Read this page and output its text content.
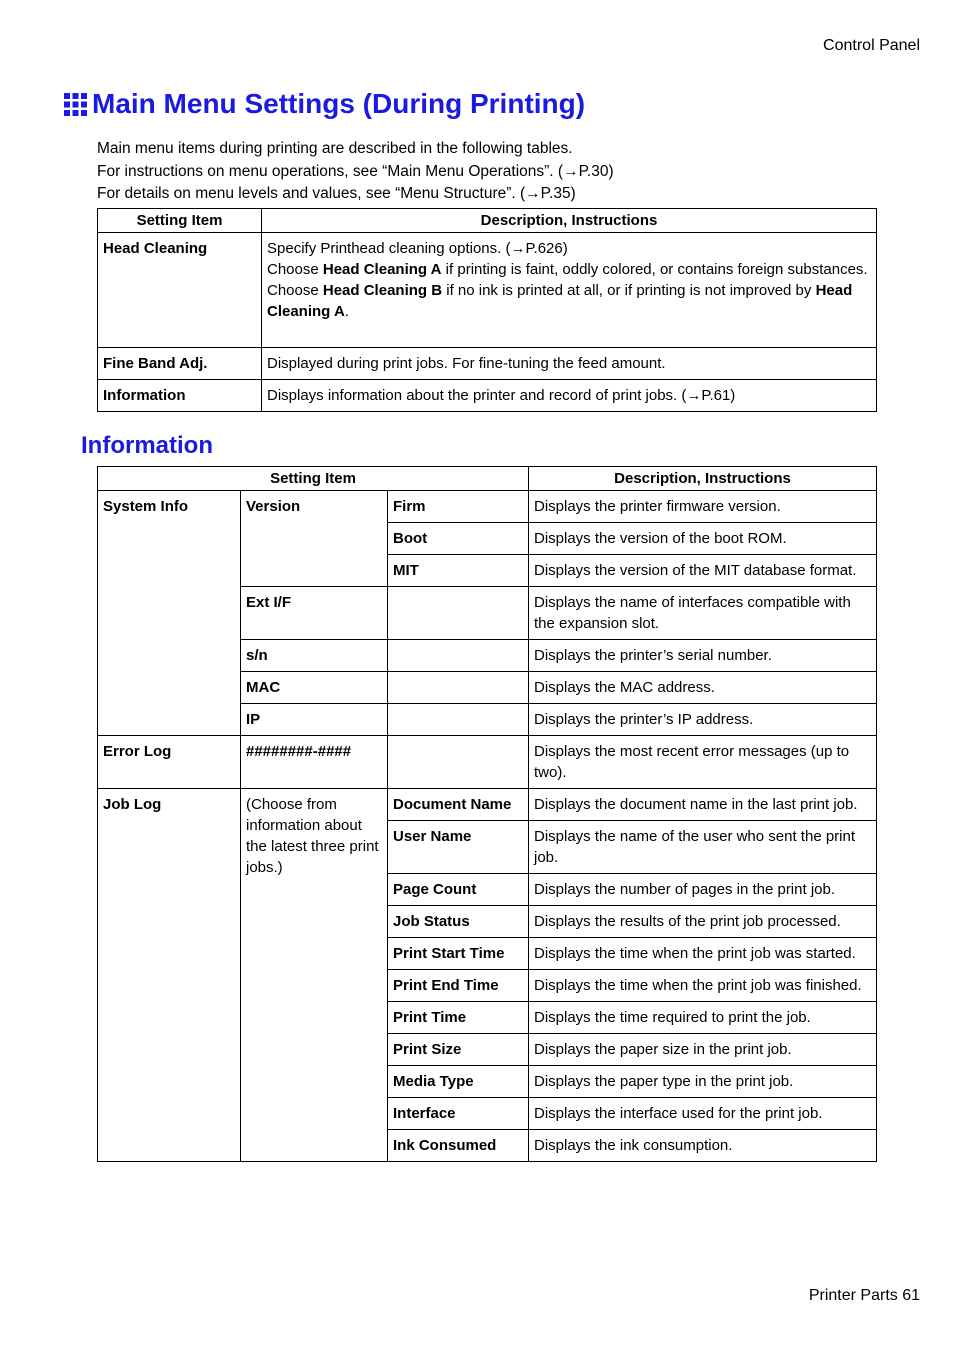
Control Panel
Main Menu Settings (During Printing)
Main menu items during printing are described in the following tables.
For instructions on menu operations, see “Main Menu Operations”. (→P.30)
For details on menu levels and values, see “Menu Structure”. (→P.35)
Setting Item	Description, Instructions
Head Cleaning	Specify Printhead cleaning options. (→P.626)
Choose Head Cleaning A if printing is faint, oddly colored, or contains foreign substances.
Choose Head Cleaning B if no ink is printed at all, or if printing is not improved by Head Cleaning A.
Fine Band Adj.	Displayed during print jobs. For fine-tuning the feed amount.
Information	Displays information about the printer and record of print jobs. (→P.61)
Information
Setting Item			Description, Instructions
System Info	Version	Firm	Displays the printer firmware version.
		Boot	Displays the version of the boot ROM.
		MIT	Displays the version of the MIT database format.
	Ext I/F		Displays the name of interfaces compatible with the expansion slot.
	s/n		Displays the printer’s serial number.
	MAC		Displays the MAC address.
	IP		Displays the printer’s IP address.
Error Log	########-####		Displays the most recent error messages (up to two).
Job Log	(Choose from information about the latest three print jobs.)	Document Name	Displays the document name in the last print job.
		User Name	Displays the name of the user who sent the print job.
		Page Count	Displays the number of pages in the print job.
		Job Status	Displays the results of the print job processed.
		Print Start Time	Displays the time when the print job was started.
		Print End Time	Displays the time when the print job was finished.
		Print Time	Displays the time required to print the job.
		Print Size	Displays the paper size in the print job.
		Media Type	Displays the paper type in the print job.
		Interface	Displays the interface used for the print job.
		Ink Consumed	Displays the ink consumption.
Printer Parts 61
